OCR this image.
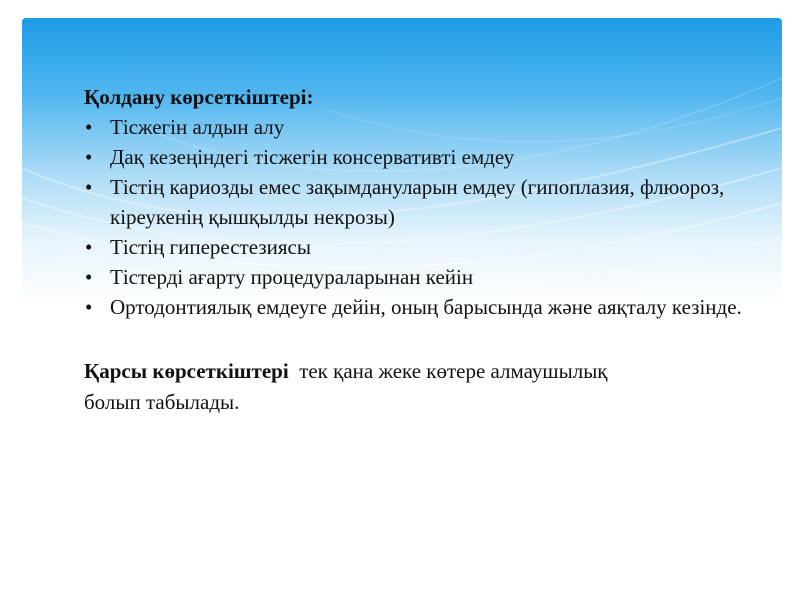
Қолдану көрсеткіштері:
• Тісжегін алдын алу
• Дақ кезеңіндегі тісжегін консервативті емдеу
• Тістің кариозды емес зақымдануларын емдеу (гипоплазия, флюороз, кіреукенің қышқылды некрозы)
• Тістің гиперестезиясы
• Тістерді ағарту процедураларынан кейін
• Ортодонтиялық емдеуге дейін, оның барысында және аяқталу кезінде.
Қарсы көрсеткіштері тек қана жеке көтере алмаушылық болып табылады.
